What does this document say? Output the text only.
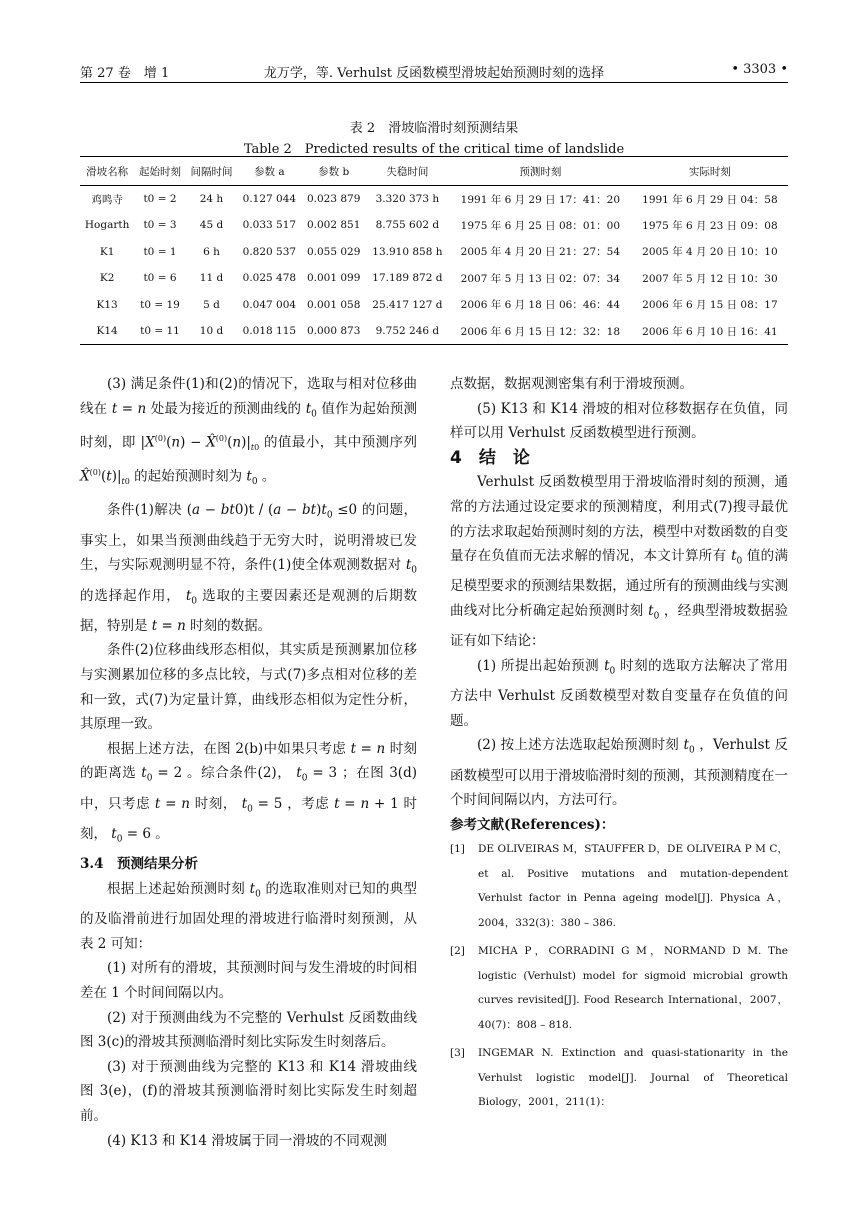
第 27 卷　增 1	龙万学，等. Verhulst 反函数模型滑坡起始预测时刻的选择	• 3303 •
表 2　滑坡临滑时刻预测结果
Table 2　Predicted results of the critical time of landslide
滑坡名称	起始时刻	间隔时间	参数 a	参数 b	失稳时间	预测时刻	实际时刻
鸡鸣寺	t0 = 2	24 h	0.127 044	0.023 879	3.320 373 h	1991 年 6 月 29 日 17：41：20	1991 年 6 月 29 日 04：58
Hogarth	t0 = 3	45 d	0.033 517	0.002 851	8.755 602 d	1975 年 6 月 25 日 08：01：00	1975 年 6 月 23 日 09：08
K1	t0 = 1	6 h	0.820 537	0.055 029	13.910 858 h	2005 年 4 月 20 日 21：27：54	2005 年 4 月 20 日 10：10
K2	t0 = 6	11 d	0.025 478	0.001 099	17.189 872 d	2007 年 5 月 13 日 02：07：34	2007 年 5 月 12 日 10：30
K13	t0 = 19	5 d	0.047 004	0.001 058	25.417 127 d	2006 年 6 月 18 日 06：46：44	2006 年 6 月 15 日 08：17
K14	t0 = 11	10 d	0.018 115	0.000 873	9.752 246 d	2006 年 6 月 15 日 12：32：18	2006 年 6 月 10 日 16：41

(3) 满足条件(1)和(2)的情况下，选取与相对位移曲线在 t = n 处最为接近的预测曲线的 $t_0$ 值作为起始预测时刻，即 $|X^{(0)}(n)$ − $X̂^{(0)}(n)|_{t0}$ 的值最小，其中预测序列 $X̂^{(0)}(t)|_{t0}$ 的起始预测时刻为 $t_0$ 。

条件(1)解决 $(a - bt0)t / (a - bt)t_0 \le 0$ 的问题，事实上，如果当预测曲线趋于无穷大时，说明滑坡已发生，与实际观测明显不符，条件(1)使全体观测数据对 $t_0$ 的选择起作用， $t_0$ 选取的主要因素还是观测的后期数据，特别是 t = n 时刻的数据。

条件(2)位移曲线形态相似，其实质是预测累加位移与实测累加位移的多点比较，与式(7)多点相对位移的差和一致，式(7)为定量计算，曲线形态相似为定性分析，其原理一致。

根据上述方法，在图 2(b)中如果只考虑 t = n 时刻的距离选 $t_0 = 2$ 。综合条件(2)， $t_0 = 3$ ；在图 3(d)中，只考虑 t = n 时刻， $t_0 = 5$ ，考虑 t = n + 1 时刻， $t_0 = 6$ 。

3.4　预测结果分析

根据上述起始预测时刻 $t_0$ 的选取准则对已知的典型的及临滑前进行加固处理的滑坡进行临滑时刻预测，从表 2 可知：

(1) 对所有的滑坡，其预测时间与发生滑坡的时间相差在 1 个时间间隔以内。

(2) 对于预测曲线为不完整的 Verhulst 反函数曲线图 3(c)的滑坡其预测临滑时刻比实际发生时刻落后。

(3) 对于预测曲线为完整的 K13 和 K14 滑坡曲线图 3(e)，(f)的滑坡其预测临滑时刻比实际发生时刻超前。

(4) K13 和 K14 滑坡属于同一滑坡的不同观测

点数据，数据观测密集有利于滑坡预测。

(5) K13 和 K14 滑坡的相对位移数据存在负值，同样可以用 Verhulst 反函数模型进行预测。

4　结　论

Verhulst 反函数模型用于滑坡临滑时刻的预测，通常的方法通过设定要求的预测精度，利用式(7)搜寻最优的方法求取起始预测时刻的方法，模型中对数函数的自变量存在负值而无法求解的情况，本文计算所有 $t_0$ 值的满足模型要求的预测结果数据，通过所有的预测曲线与实测曲线对比分析确定起始预测时刻 $t_0$ ，经典型滑坡数据验证有如下结论：

(1) 所提出起始预测 $t_0$ 时刻的选取方法解决了常用方法中 Verhulst 反函数模型对数自变量存在负值的问题。

(2) 按上述方法选取起始预测时刻 $t_0$ ，Verhulst 反函数模型可以用于滑坡临滑时刻的预测，其预测精度在一个时间间隔以内，方法可行。

参考文献(References)：

[1] DE OLIVEIRAS M，STAUFFER D，DE OLIVEIRA P M C，et al. Positive mutations and mutation-dependent Verhulst factor in Penna ageing model[J]. Physica A，2004，332(3)：380 – 386.
[2] MICHA P，CORRADINI G M，NORMAND D M. The logistic (Verhulst) model for sigmoid microbial growth curves revisited[J]. Food Research International，2007，40(7)：808 – 818.
[3] INGEMAR N. Extinction and quasi-stationarity in the Verhulst logistic model[J]. Journal of Theoretical Biology，2001，211(1)：
